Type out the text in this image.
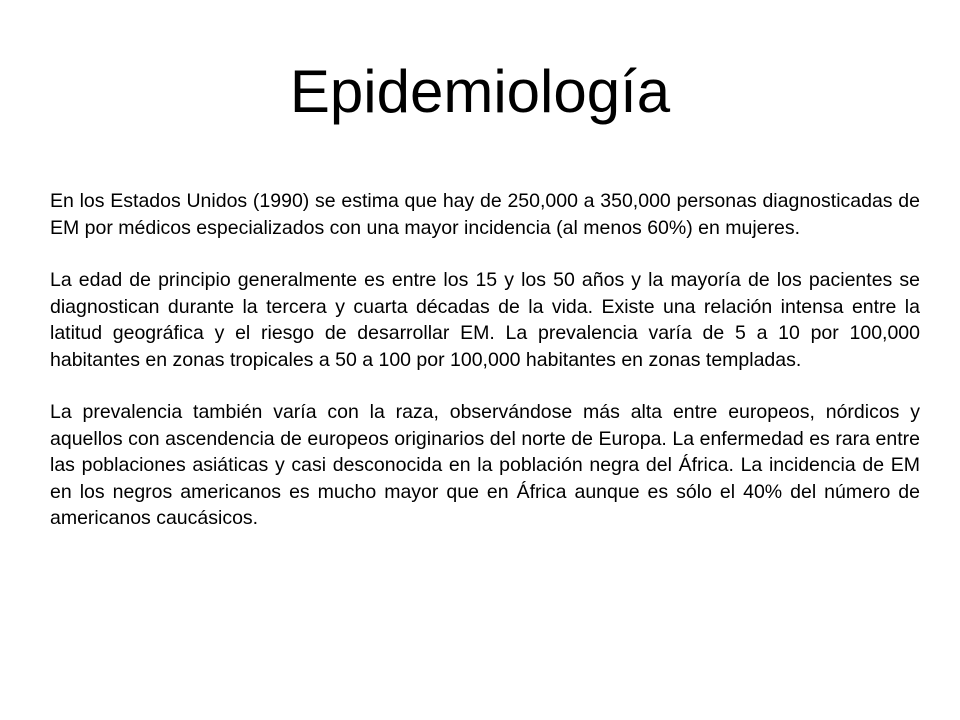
Epidemiología

En los Estados Unidos (1990) se estima que hay de 250,000 a 350,000 personas diagnosticadas de EM por médicos especializados con una mayor incidencia (al menos 60%) en mujeres.

La edad de principio generalmente es entre los 15 y los 50 años y la mayoría de los pacientes se diagnostican durante la tercera y cuarta décadas de la vida. Existe una relación intensa entre la latitud geográfica y el riesgo de desarrollar EM. La prevalencia varía de 5 a 10 por 100,000 habitantes en zonas tropicales a 50 a 100 por 100,000 habitantes en zonas templadas.

La prevalencia también varía con la raza, observándose más alta entre europeos, nórdicos y aquellos con ascendencia de europeos originarios del norte de Europa. La enfermedad es rara entre las poblaciones asiáticas y casi desconocida en la población negra del África. La incidencia de EM en los negros americanos es mucho mayor que en África aunque es sólo el 40% del número de americanos caucásicos.
